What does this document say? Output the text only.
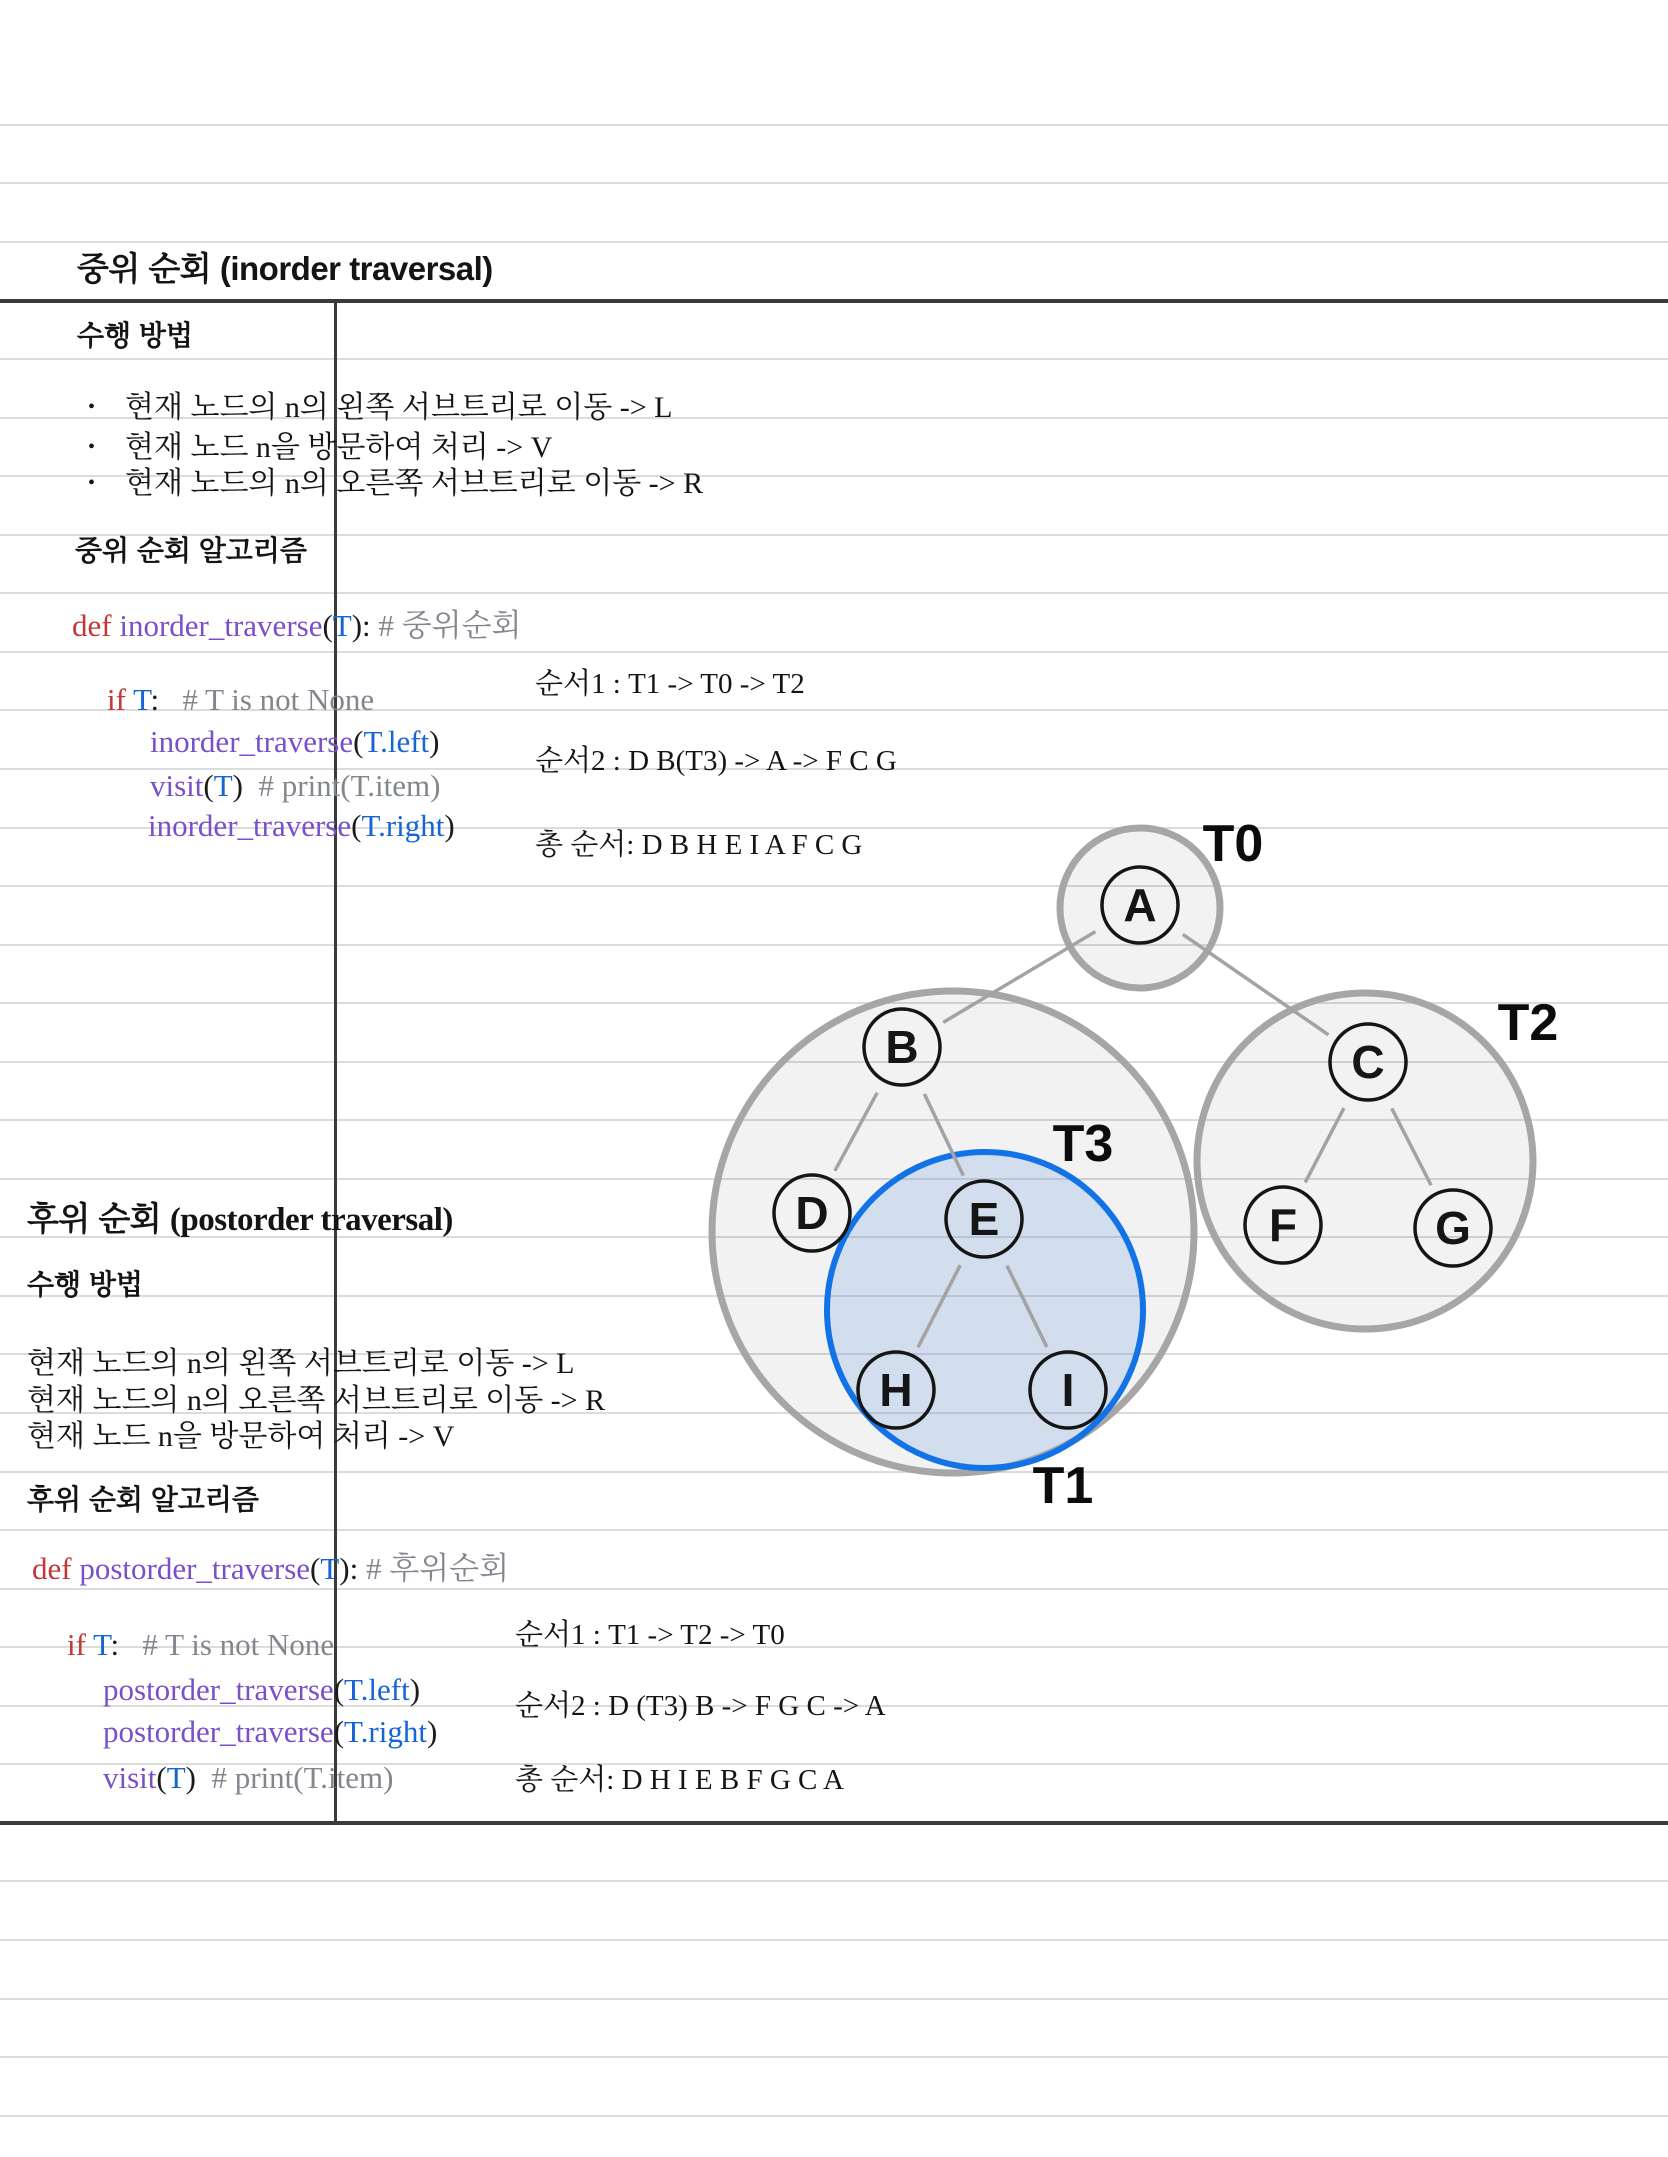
중위 순회 (inorder traversal)
수행 방법
• 현재 노드의 n의 왼쪽 서브트리로 이동 -> L
• 현재 노드 n을 방문하여 처리 -> V
• 현재 노드의 n의 오른쪽 서브트리로 이동 -> R
중위 순회 알고리즘
def inorder_traverse(T): # 중위순회
if T:   # T is not None
inorder_traverse(T.left)
visit(T)  # print(T.item)
inorder_traverse(T.right)
순서1 : T1 -> T0 -> T2
순서2 : D B(T3) -> A -> F C G
총 순서: D B H E I A F C G
후위 순회 (postorder traversal)
수행 방법
현재 노드의 n의 왼쪽 서브트리로 이동 -> L
현재 노드의 n의 오른쪽 서브트리로 이동 -> R
현재 노드 n을 방문하여 처리 -> V
후위 순회 알고리즘
def postorder_traverse(T): # 후위순회
if T:   # T is not None
postorder_traverse(T.left)
postorder_traverse(T.right)
visit(T)  # print(T.item)
순서1 : T1 -> T2 -> T0
순서2 : D (T3) B -> F G C -> A
총 순서: D H I E B F G C A
A
B	C
D	E	F	G
H	I
T0
T2
T3
T1
